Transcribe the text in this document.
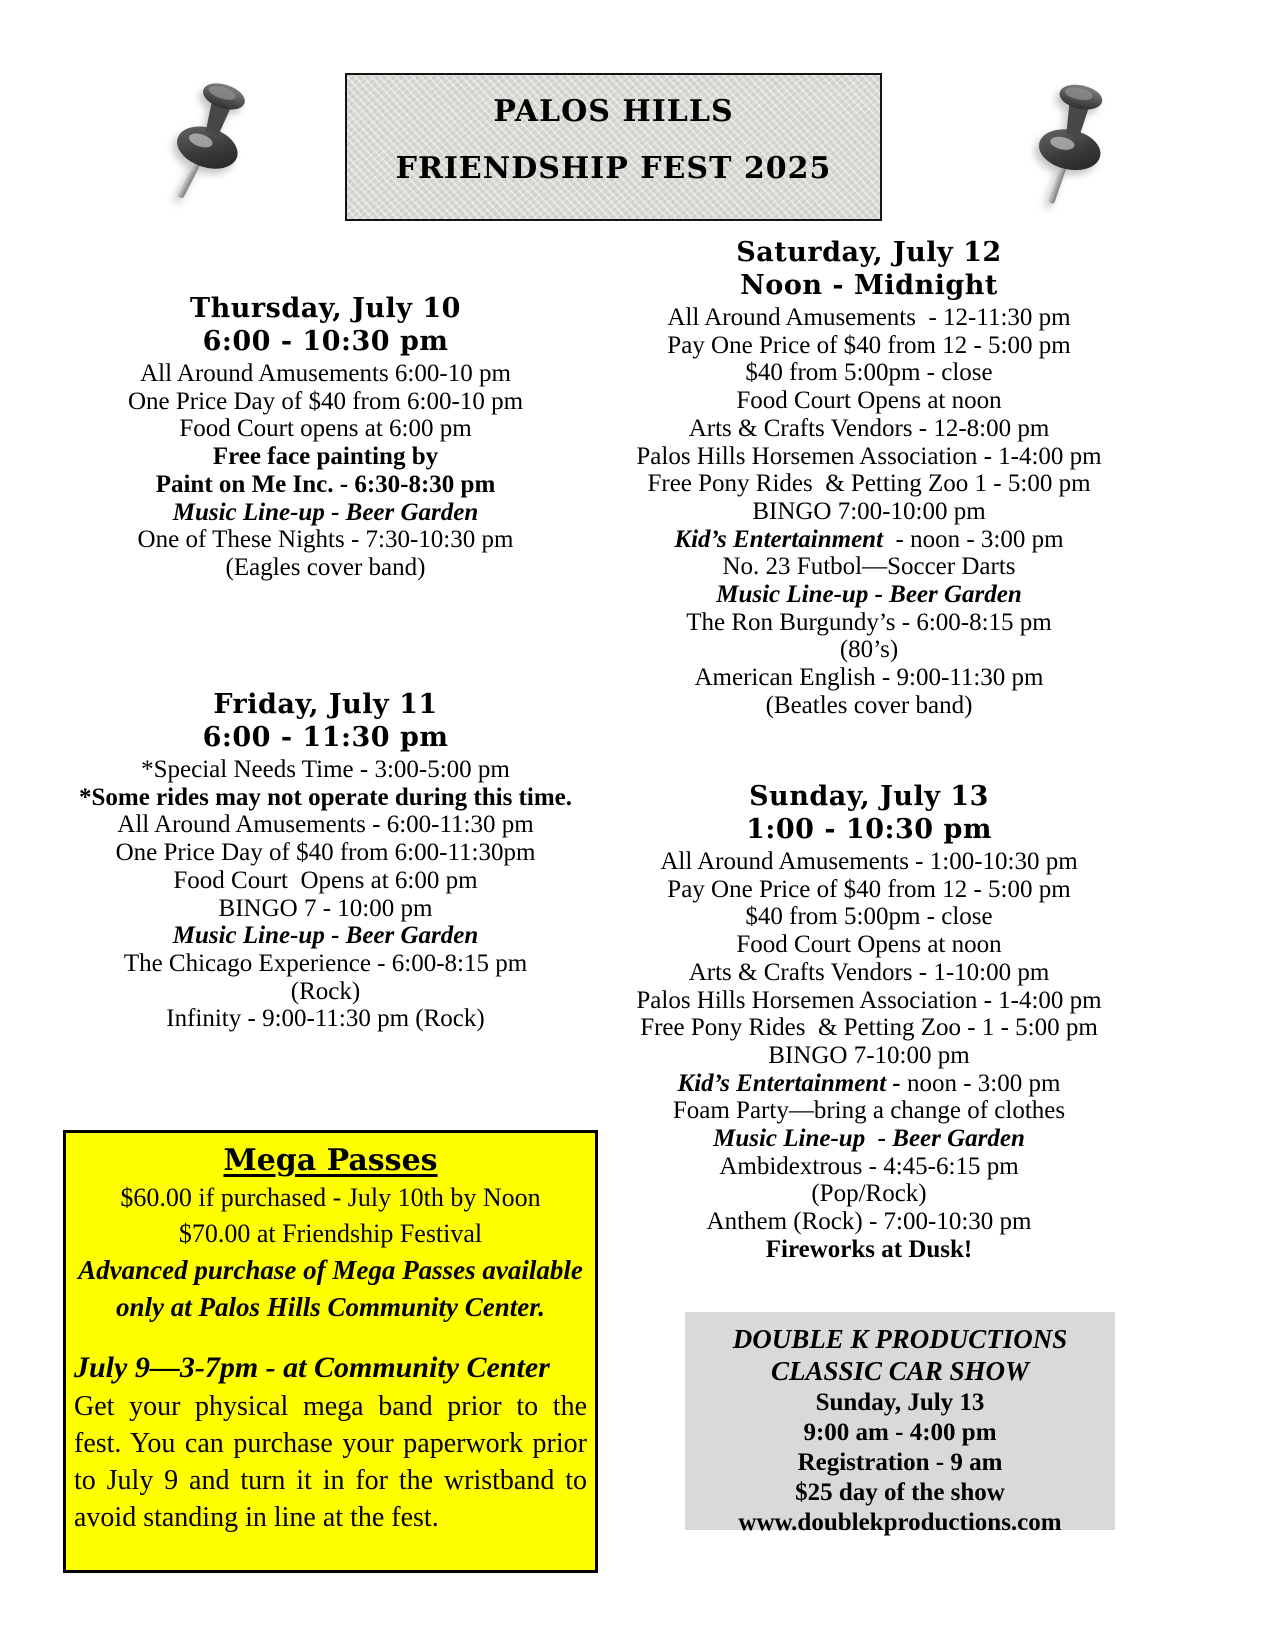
PALOS HILLS
FRIENDSHIP FEST 2025
Thursday, July 10
6:00 - 10:30 pm
All Around Amusements 6:00-10 pm
One Price Day of $40 from 6:00-10 pm
Food Court opens at 6:00 pm
Free face painting by
Paint on Me Inc. - 6:30-8:30 pm
Music Line-up - Beer Garden
One of These Nights - 7:30-10:30 pm
(Eagles cover band)
Friday, July 11
6:00 - 11:30 pm
*Special Needs Time - 3:00-5:00 pm
*Some rides may not operate during this time.
All Around Amusements - 6:00-11:30 pm
One Price Day of $40 from 6:00-11:30pm
Food Court  Opens at 6:00 pm
BINGO 7 - 10:00 pm
Music Line-up - Beer Garden
The Chicago Experience - 6:00-8:15 pm
(Rock)
Infinity - 9:00-11:30 pm (Rock)
Saturday, July 12
Noon - Midnight
All Around Amusements  - 12-11:30 pm
Pay One Price of $40 from 12 - 5:00 pm
$40 from 5:00pm - close
Food Court Opens at noon
Arts & Crafts Vendors - 12-8:00 pm
Palos Hills Horsemen Association - 1-4:00 pm
Free Pony Rides  & Petting Zoo 1 - 5:00 pm
BINGO 7:00-10:00 pm
Kid’s Entertainment  - noon - 3:00 pm
No. 23 Futbol—Soccer Darts
Music Line-up - Beer Garden
The Ron Burgundy’s - 6:00-8:15 pm
(80’s)
American English - 9:00-11:30 pm
(Beatles cover band)
Sunday, July 13
1:00 - 10:30 pm
All Around Amusements - 1:00-10:30 pm
Pay One Price of $40 from 12 - 5:00 pm
$40 from 5:00pm - close
Food Court Opens at noon
Arts & Crafts Vendors - 1-10:00 pm
Palos Hills Horsemen Association - 1-4:00 pm
Free Pony Rides  & Petting Zoo - 1 - 5:00 pm
BINGO 7-10:00 pm
Kid’s Entertainment - noon - 3:00 pm
Foam Party—bring a change of clothes
Music Line-up  - Beer Garden
Ambidextrous - 4:45-6:15 pm
(Pop/Rock)
Anthem (Rock) - 7:00-10:30 pm
Fireworks at Dusk!
Mega Passes
$60.00 if purchased - July 10th by Noon
$70.00 at Friendship Festival
Advanced purchase of Mega Passes available only at Palos Hills Community Center.
July 9—3-7pm - at Community Center

Get your physical mega band prior to the fest. You can purchase your paperwork prior to July 9 and turn it in for the wristband to avoid standing in line at the fest.

DOUBLE K PRODUCTIONS
CLASSIC CAR SHOW
Sunday, July 13
9:00 am - 4:00 pm
Registration - 9 am
$25 day of the show
www.doublekproductions.com
